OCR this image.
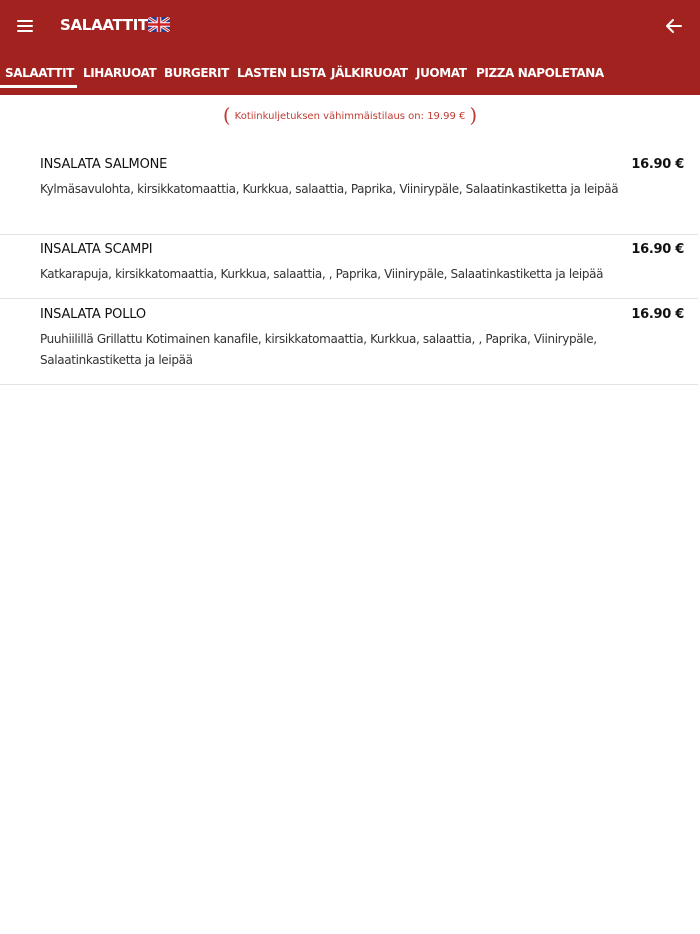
SALAATTIT
SALAATTIT LIHARUOAT BURGERIT LASTEN LISTA JÄLKIRUOAT JUOMAT PIZZA NAPOLETANA
( Kotiinkuljetuksen vähimmäistilaus on: 19.99 € )
INSALATA SALMONE	16.90 €
Kylmäsavulohta, kirsikkatomaattia, Kurkkua, salaattia, Paprika, Viinirypäle, Salaatinkastiketta ja leipää
INSALATA SCAMPI	16.90 €
Katkarapuja, kirsikkatomaattia, Kurkkua, salaattia, , Paprika, Viinirypäle, Salaatinkastiketta ja leipää
INSALATA POLLO	16.90 €
Puuhiilillä Grillattu Kotimainen kanafile, kirsikkatomaattia, Kurkkua, salaattia, , Paprika, Viinirypäle, Salaatinkastiketta ja leipää
